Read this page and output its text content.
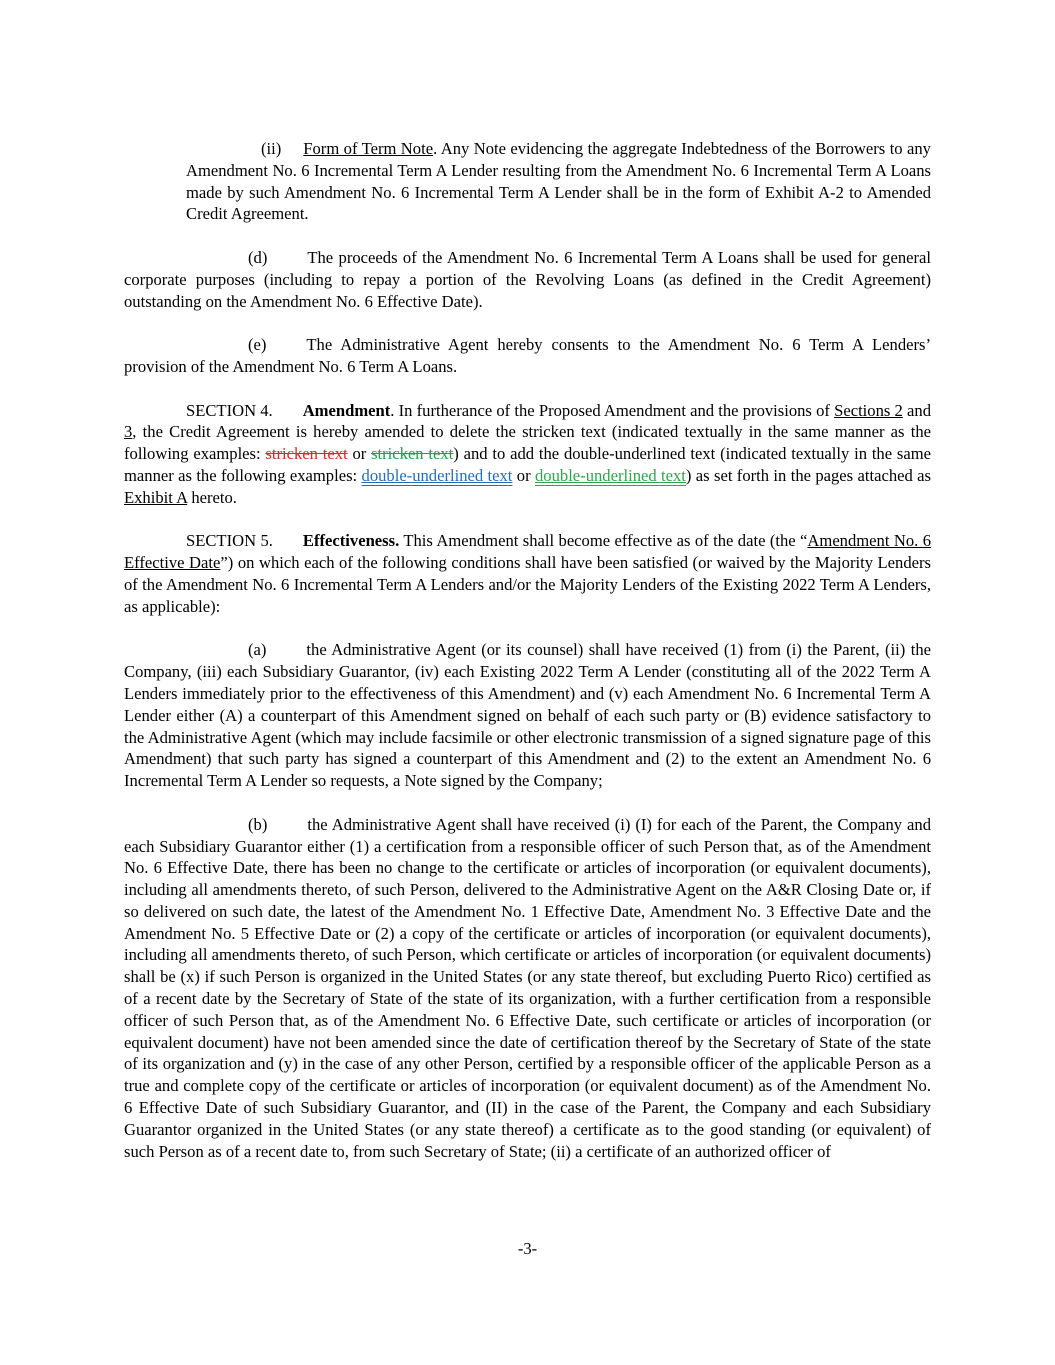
(ii) Form of Term Note. Any Note evidencing the aggregate Indebtedness of the Borrowers to any Amendment No. 6 Incremental Term A Lender resulting from the Amendment No. 6 Incremental Term A Loans made by such Amendment No. 6 Incremental Term A Lender shall be in the form of Exhibit A-2 to Amended Credit Agreement.

(d) The proceeds of the Amendment No. 6 Incremental Term A Loans shall be used for general corporate purposes (including to repay a portion of the Revolving Loans (as defined in the Credit Agreement) outstanding on the Amendment No. 6 Effective Date).

(e) The Administrative Agent hereby consents to the Amendment No. 6 Term A Lenders’ provision of the Amendment No. 6 Term A Loans.

SECTION 4. Amendment. In furtherance of the Proposed Amendment and the provisions of Sections 2 and 3, the Credit Agreement is hereby amended to delete the stricken text (indicated textually in the same manner as the following examples: stricken text or stricken text) and to add the double-underlined text (indicated textually in the same manner as the following examples: double-underlined text or double-underlined text) as set forth in the pages attached as Exhibit A hereto.

SECTION 5. Effectiveness. This Amendment shall become effective as of the date (the “Amendment No. 6 Effective Date”) on which each of the following conditions shall have been satisfied (or waived by the Majority Lenders of the Amendment No. 6 Incremental Term A Lenders and/or the Majority Lenders of the Existing 2022 Term A Lenders, as applicable):

(a) the Administrative Agent (or its counsel) shall have received (1) from (i) the Parent, (ii) the Company, (iii) each Subsidiary Guarantor, (iv) each Existing 2022 Term A Lender (constituting all of the 2022 Term A Lenders immediately prior to the effectiveness of this Amendment) and (v) each Amendment No. 6 Incremental Term A Lender either (A) a counterpart of this Amendment signed on behalf of each such party or (B) evidence satisfactory to the Administrative Agent (which may include facsimile or other electronic transmission of a signed signature page of this Amendment) that such party has signed a counterpart of this Amendment and (2) to the extent an Amendment No. 6 Incremental Term A Lender so requests, a Note signed by the Company;

(b) the Administrative Agent shall have received (i) (I) for each of the Parent, the Company and each Subsidiary Guarantor either (1) a certification from a responsible officer of such Person that, as of the Amendment No. 6 Effective Date, there has been no change to the certificate or articles of incorporation (or equivalent documents), including all amendments thereto, of such Person, delivered to the Administrative Agent on the A&R Closing Date or, if so delivered on such date, the latest of the Amendment No. 1 Effective Date, Amendment No. 3 Effective Date and the Amendment No. 5 Effective Date or (2) a copy of the certificate or articles of incorporation (or equivalent documents), including all amendments thereto, of such Person, which certificate or articles of incorporation (or equivalent documents) shall be (x) if such Person is organized in the United States (or any state thereof, but excluding Puerto Rico) certified as of a recent date by the Secretary of State of the state of its organization, with a further certification from a responsible officer of such Person that, as of the Amendment No. 6 Effective Date, such certificate or articles of incorporation (or equivalent document) have not been amended since the date of certification thereof by the Secretary of State of the state of its organization and (y) in the case of any other Person, certified by a responsible officer of the applicable Person as a true and complete copy of the certificate or articles of incorporation (or equivalent document) as of the Amendment No. 6 Effective Date of such Subsidiary Guarantor, and (II) in the case of the Parent, the Company and each Subsidiary Guarantor organized in the United States (or any state thereof) a certificate as to the good standing (or equivalent) of such Person as of a recent date to, from such Secretary of State; (ii) a certificate of an authorized officer of

-3-
